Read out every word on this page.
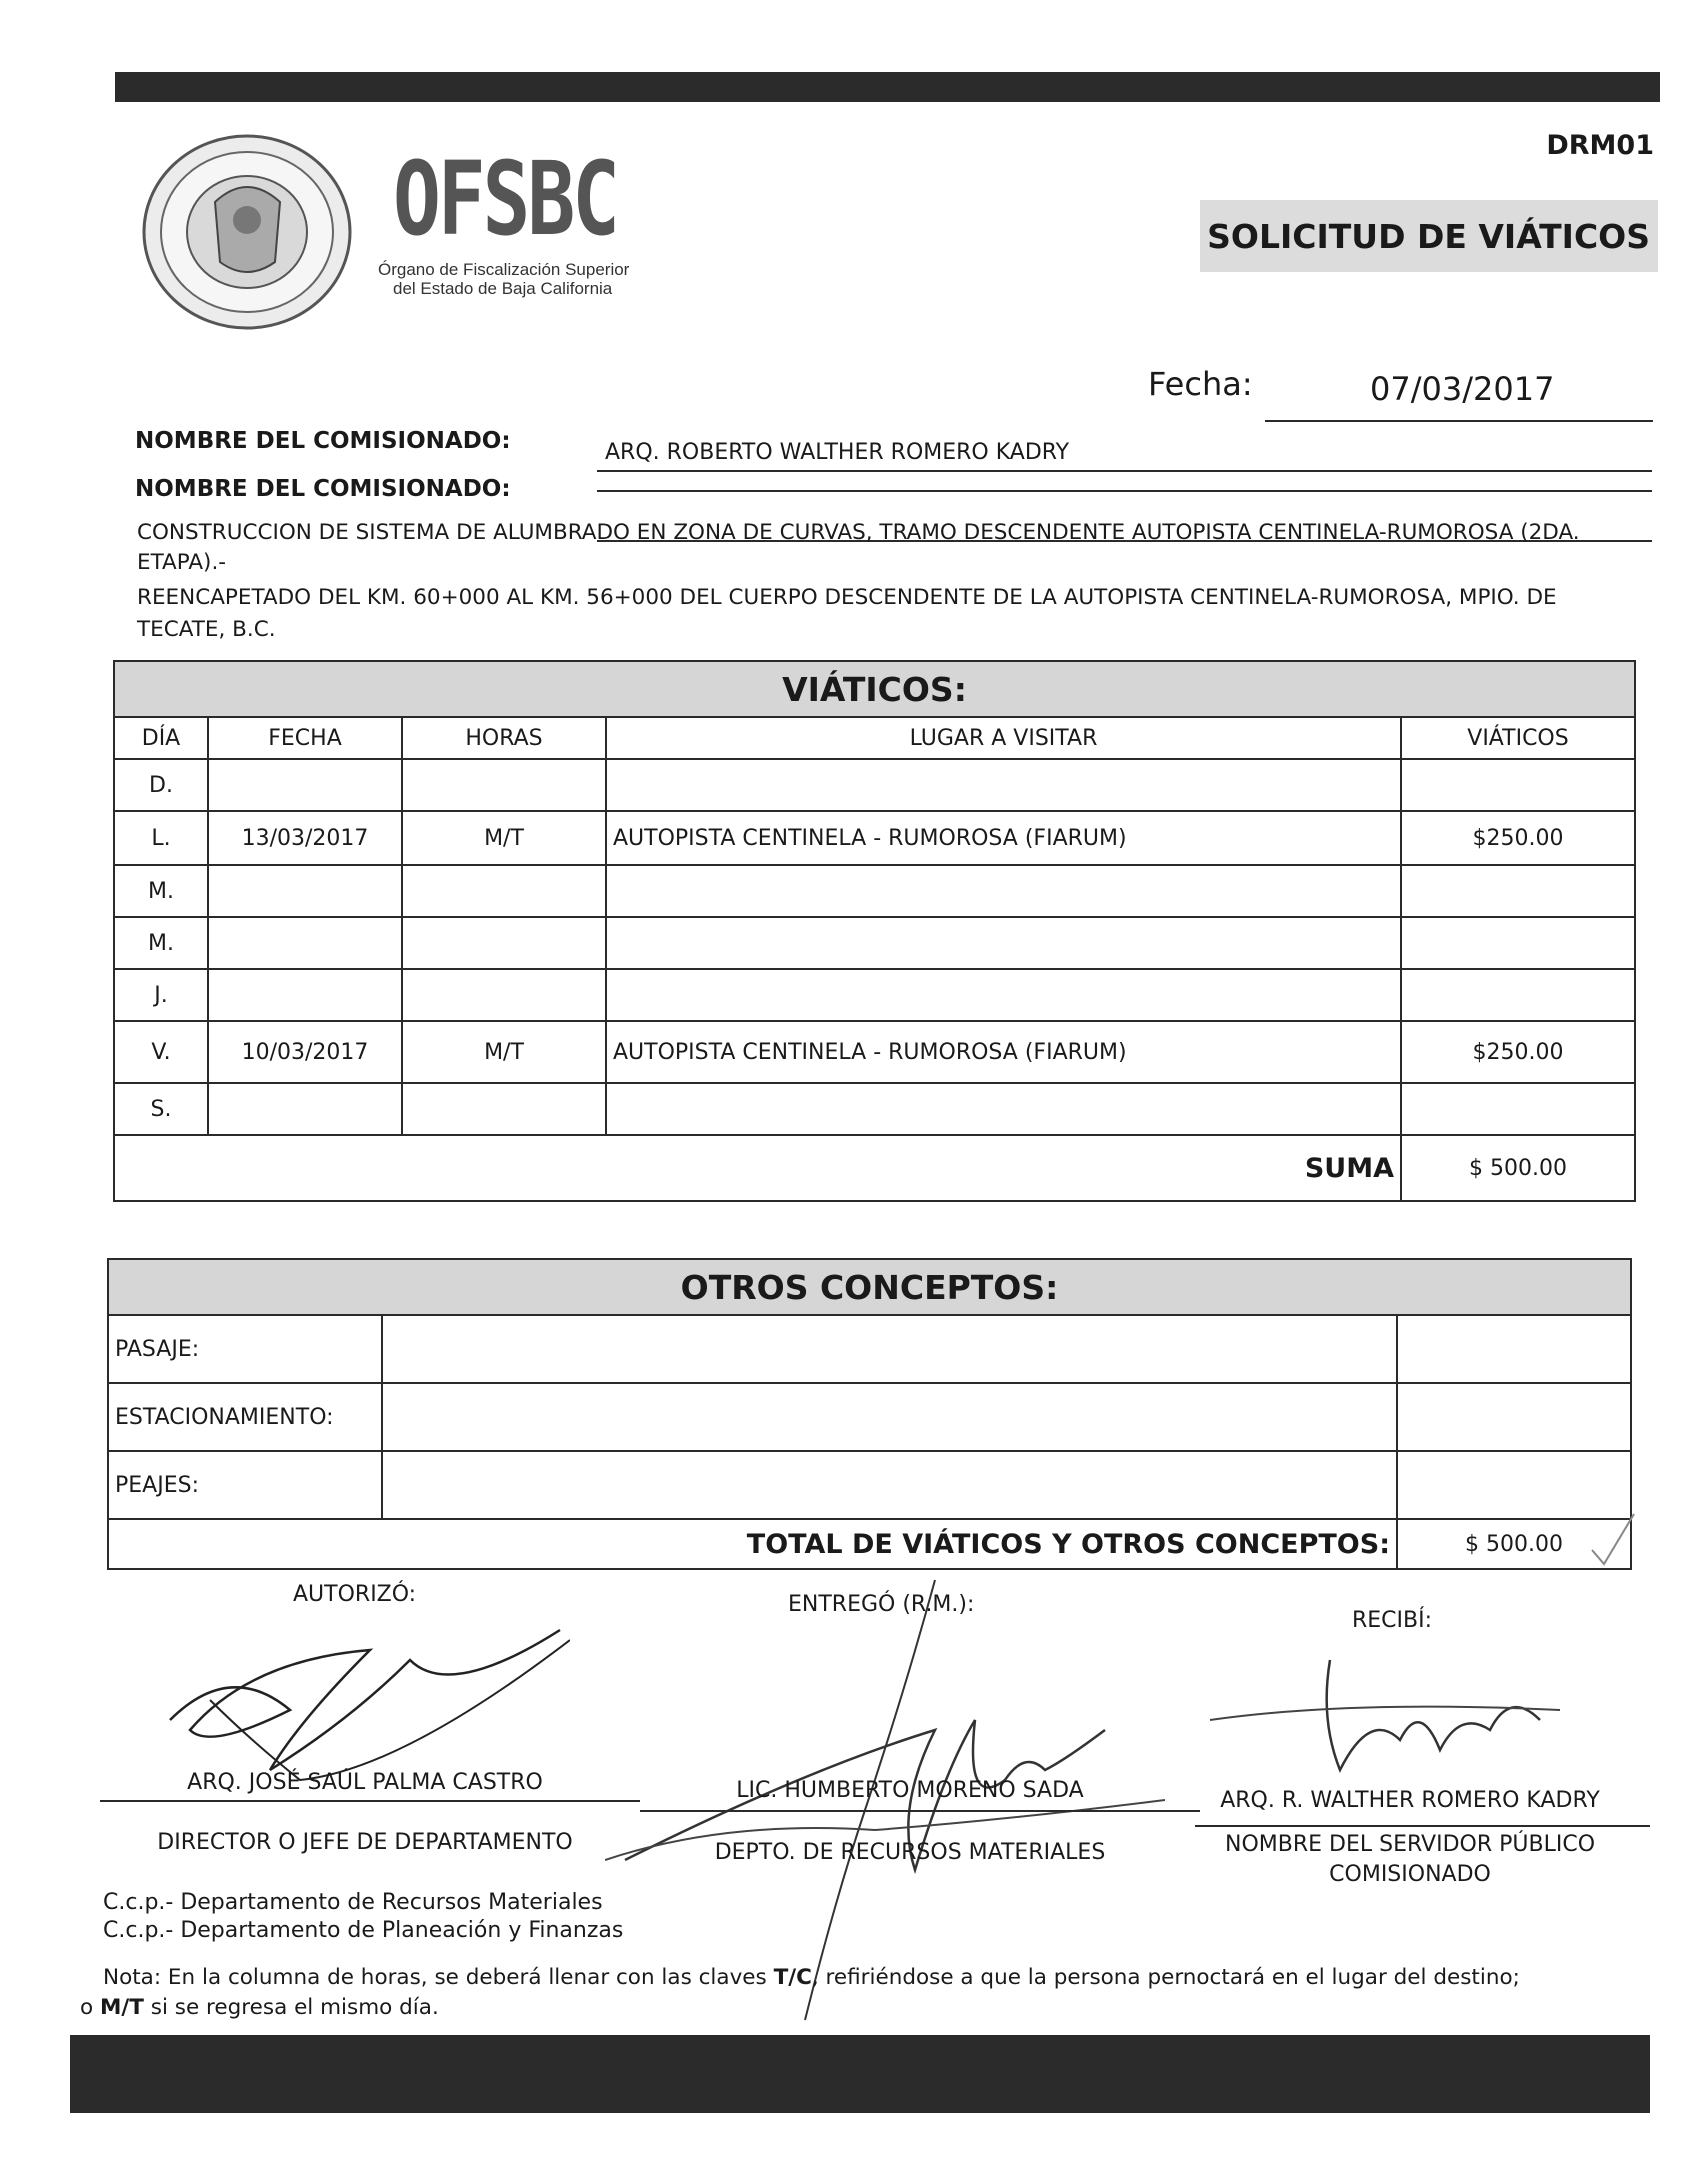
OFSBC
Órgano de Fiscalización Superior
del Estado de Baja California
DRM01
SOLICITUD DE VIÁTICOS
Fecha:	07/03/2017
NOMBRE DEL COMISIONADO:	ARQ. ROBERTO WALTHER ROMERO KADRY
NOMBRE DEL COMISIONADO:
CONSTRUCCION DE SISTEMA DE ALUMBRADO EN ZONA DE CURVAS, TRAMO DESCENDENTE AUTOPISTA CENTINELA-RUMOROSA (2DA.
ETAPA).-
REENCAPETADO DEL KM. 60+000 AL KM. 56+000 DEL CUERPO DESCENDENTE DE LA AUTOPISTA CENTINELA-RUMOROSA, MPIO. DE
TECATE, B.C.
VIÁTICOS:				
DÍA	FECHA	HORAS	LUGAR A VISITAR	VIÁTICOS
D.				
L.	13/03/2017	M/T	AUTOPISTA CENTINELA - RUMOROSA (FIARUM)	$250.00
M.				
M.				
J.				
V.	10/03/2017	M/T	AUTOPISTA CENTINELA - RUMOROSA (FIARUM)	$250.00
S.				
SUMA				$ 500.00
OTROS CONCEPTOS:		
PASAJE:		
ESTACIONAMIENTO:		
PEAJES:		
TOTAL DE VIÁTICOS Y OTROS CONCEPTOS:		$ 500.00
AUTORIZÓ:	ENTREGÓ (R.M.):
RECIBÍ:
ARQ. JOSÉ SAÚL PALMA CASTRO
DIRECTOR O JEFE DE DEPARTAMENTO
LIC. HUMBERTO MORENO SADA
DEPTO. DE RECURSOS MATERIALES
ARQ. R. WALTHER ROMERO KADRY
NOMBRE DEL SERVIDOR PÚBLICO
COMISIONADO
C.c.p.- Departamento de Recursos Materiales
C.c.p.- Departamento de Planeación y Finanzas
Nota: En la columna de horas, se deberá llenar con las claves T/C, refiriéndose a que la persona pernoctará en el lugar del destino;
o M/T si se regresa el mismo día.
